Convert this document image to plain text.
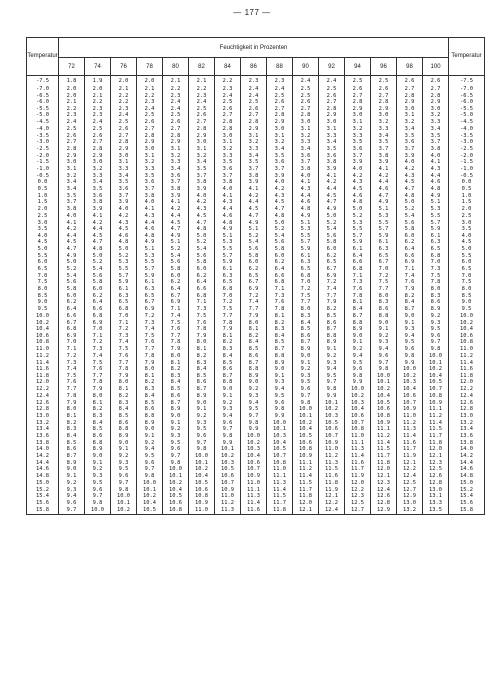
— 177 —
Temperatur	Feuchtigkeit in Prozenten															Temperatur
	72	74	76	78	80	82	84	86	88	90	92	94	96	98	100	
-7.5	1.8	1.9	2.0	2.0	2.1	2.1	2.2	2.3	2.3	2.4	2.4	2.5	2.5	2.6	2.6	-7.5
-7.0	2.0	2.0	2.1	2.1	2.2	2.2	2.3	2.4	2.4	2.5	2.5	2.6	2.6	2.7	2.7	-7.0
-6.5	2.0	2.1	2.2	2.2	2.3	2.3	2.4	2.4	2.5	2.5	2.6	2.7	2.7	2.8	2.8	-6.5
-6.0	2.1	2.2	2.2	2.3	2.4	2.4	2.5	2.5	2.6	2.6	2.7	2.8	2.8	2.9	2.9	-6.0
-5.5	2.2	2.3	2.3	2.4	2.4	2.5	2.6	2.6	2.7	2.7	2.8	2.9	2.9	3.0	3.0	-5.5
-5.0	2.3	2.3	2.4	2.5	2.5	2.6	2.7	2.7	2.8	2.8	2.9	3.0	3.0	3.1	3.2	-5.0
-4.5	2.4	2.4	2.5	2.6	2.6	2.7	2.8	2.8	2.9	3.0	3.0	3.1	3.2	3.2	3.3	-4.5
-4.0	2.5	2.5	2.6	2.7	2.7	2.8	2.8	2.9	3.0	3.1	3.1	3.2	3.3	3.4	3.4	-4.0
-3.5	2.6	2.6	2.7	2.8	2.8	2.9	3.0	3.1	3.1	3.2	3.3	3.3	3.4	3.5	3.5	-3.5
-3.0	2.7	2.7	2.8	2.9	2.9	3.0	3.1	3.2	3.2	3.3	3.4	3.5	3.5	3.6	3.7	-3.0
-2.5	2.8	2.8	2.9	3.0	3.1	3.1	3.2	3.3	3.4	3.4	3.5	3.6	3.7	3.7	3.8	-2.5
-2.0	2.9	2.9	3.0	3.1	3.2	3.2	3.3	3.4	3.5	3.6	3.6	3.7	3.8	3.9	4.0	-2.0
-1.5	3.0	3.0	3.1	3.2	3.3	3.4	3.5	3.5	3.6	3.7	3.8	3.9	3.9	4.0	4.1	-1.5
-1.0	3.1	3.2	3.3	3.3	3.4	3.5	3.6	3.7	3.7	3.8	3.9	4.0	4.1	4.2	4.3	-1.0
-0.5	3.2	3.3	3.4	3.5	3.6	3.7	3.7	3.8	3.9	4.0	4.1	4.2	4.2	4.3	4.4	-0.5
0.0	3.4	3.4	3.5	3.6	3.7	3.8	3.8	3.9	4.0	4.1	4.2	4.3	4.4	4.5	4.6	0.0
0.5	3.4	3.5	3.6	3.7	3.8	3.9	4.0	4.1	4.2	4.3	4.4	4.5	4.6	4.7	4.8	0.5
1.0	3.5	3.6	3.7	3.8	3.9	4.0	4.1	4.2	4.3	4.4	4.5	4.6	4.7	4.8	4.9	1.0
1.5	3.7	3.8	3.9	4.0	4.1	4.2	4.3	4.4	4.5	4.6	4.7	4.8	4.9	5.0	5.1	1.5
2.0	3.8	3.9	4.0	4.1	4.2	4.3	4.4	4.5	4.7	4.8	4.9	5.0	5.1	5.2	5.3	2.0
2.5	4.0	4.1	4.2	4.3	4.4	4.5	4.6	4.7	4.8	4.9	5.0	5.2	5.3	5.4	5.5	2.5
3.0	4.1	4.2	4.3	4.4	4.5	4.7	4.8	4.9	5.0	5.1	5.2	5.3	5.5	5.6	5.7	3.0
3.5	4.2	4.4	4.5	4.6	4.7	4.8	4.9	5.1	5.2	5.3	5.4	5.5	5.7	5.8	5.9	3.5
4.0	4.4	4.5	4.6	4.8	4.9	5.0	5.1	5.2	5.4	5.5	5.6	5.7	5.9	6.0	6.1	4.0
4.5	4.5	4.7	4.8	4.9	5.1	5.2	5.3	5.4	5.6	5.7	5.8	5.9	6.1	6.2	6.3	4.5
5.0	4.7	4.8	5.0	5.1	5.2	5.4	5.5	5.6	5.8	5.9	6.0	6.1	6.3	6.4	6.5	5.0
5.5	4.9	5.0	5.2	5.3	5.4	5.6	5.7	5.8	6.0	6.1	6.2	6.4	6.5	6.6	6.8	5.5
6.0	5.0	5.2	5.3	5.5	5.6	5.8	5.9	6.0	6.2	6.3	6.5	6.6	6.7	6.9	7.0	6.0
6.5	5.2	5.4	5.5	5.7	5.8	6.0	6.1	6.2	6.4	6.5	6.7	6.8	7.0	7.1	7.3	6.5
7.0	5.4	5.6	5.7	5.9	6.0	6.2	6.3	6.5	6.6	6.8	6.9	7.1	7.2	7.4	7.5	7.0
7.5	5.6	5.8	5.9	6.1	6.2	6.4	6.5	6.7	6.8	7.0	7.2	7.3	7.5	7.6	7.8	7.5
8.0	5.8	6.0	6.1	6.3	6.4	6.6	6.8	6.9	7.1	7.2	7.4	7.6	7.7	7.9	8.0	8.0
8.5	6.0	6.2	6.3	6.5	6.7	6.8	7.0	7.2	7.3	7.5	7.7	7.8	8.0	8.2	8.3	8.5
9.0	6.2	6.4	6.5	6.7	6.9	7.1	7.2	7.4	7.6	7.7	7.9	8.1	8.3	8.4	8.6	9.0
9.5	6.4	6.6	6.8	6.9	7.1	7.3	7.5	7.7	7.8	8.0	8.2	8.4	8.6	8.7	8.9	9.5
10.0	6.6	6.8	7.0	7.2	7.4	7.5	7.7	7.9	8.1	8.3	8.5	8.7	8.8	9.0	9.2	10.0
10.2	6.7	6.9	7.1	7.3	7.5	7.6	7.8	8.0	8.2	8.4	8.6	8.8	9.0	9.1	9.3	10.2
10.4	6.8	7.0	7.2	7.4	7.6	7.8	7.9	8.1	8.3	8.5	8.7	8.9	9.1	9.3	9.5	10.4
10.6	6.9	7.1	7.3	7.5	7.7	7.9	8.1	8.2	8.4	8.6	8.8	9.0	9.2	9.4	9.6	10.6
10.8	7.0	7.2	7.4	7.6	7.8	8.0	8.2	8.4	8.5	8.7	8.9	9.1	9.3	9.5	9.7	10.8
11.0	7.1	7.3	7.5	7.7	7.9	8.1	8.3	8.5	8.7	8.9	9.1	9.2	9.4	9.6	9.8	11.0
11.2	7.2	7.4	7.6	7.8	8.0	8.2	8.4	8.6	8.8	9.0	9.2	9.4	9.6	9.8	10.0	11.2
11.4	7.3	7.5	7.7	7.9	8.1	8.3	8.5	8.7	8.9	9.1	9.3	9.5	9.7	9.9	10.1	11.4
11.6	7.4	7.6	7.8	8.0	8.2	8.4	8.6	8.8	9.0	9.2	9.4	9.6	9.8	10.0	10.2	11.6
11.8	7.5	7.7	7.9	8.1	8.3	8.5	8.7	8.9	9.1	9.3	9.5	9.8	10.0	10.2	10.4	11.8
12.0	7.6	7.8	8.0	8.2	8.4	8.6	8.8	9.0	9.3	9.5	9.7	9.9	10.1	10.3	10.5	12.0
12.2	7.7	7.9	8.1	8.3	8.5	8.7	9.0	9.2	9.4	9.6	9.8	10.0	10.2	10.4	10.7	12.2
12.4	7.8	8.0	8.2	8.4	8.6	8.9	9.1	9.3	9.5	9.7	9.9	10.2	10.4	10.6	10.8	12.4
12.6	7.9	8.1	8.3	8.5	8.7	9.0	9.2	9.4	9.6	9.8	10.1	10.3	10.5	10.7	10.9	12.6
12.8	8.0	8.2	8.4	8.6	8.9	9.1	9.3	9.5	9.8	10.0	10.2	10.4	10.6	10.9	11.1	12.8
13.0	8.1	8.3	8.5	8.8	9.0	9.2	9.4	9.7	9.9	10.1	10.3	10.6	10.8	11.0	11.2	13.0
13.2	8.2	8.4	8.6	8.9	9.1	9.3	9.6	9.8	10.0	10.2	10.5	10.7	10.9	11.2	11.4	13.2
13.4	8.3	8.5	8.8	9.0	9.2	9.5	9.7	9.9	10.1	10.4	10.6	10.8	11.1	11.3	11.5	13.4
13.6	8.4	8.6	8.9	9.1	9.3	9.6	9.8	10.0	10.3	10.5	10.7	11.0	11.2	11.4	11.7	13.6
13.8	8.5	8.8	9.0	9.2	9.5	9.7	9.9	10.2	10.4	10.6	10.9	11.1	11.4	11.6	11.8	13.8
14.0	8.6	8.9	9.1	9.4	9.6	9.8	10.1	10.3	10.5	10.8	11.0	11.3	11.5	11.7	12.0	14.0
14.2	8.7	9.0	9.2	9.5	9.7	10.0	10.2	10.4	10.7	10.9	11.2	11.4	11.7	11.9	12.1	14.2
14.4	8.9	9.1	9.3	9.6	9.8	10.1	10.3	10.6	10.8	11.1	11.3	11.6	11.8	12.1	12.3	14.4
14.6	9.0	9.2	9.5	9.7	10.0	10.2	10.5	10.7	11.0	11.2	11.5	11.7	12.0	12.2	12.5	14.6
14.8	9.1	9.3	9.6	9.8	10.1	10.4	10.6	10.9	11.1	11.4	11.6	11.9	12.1	12.4	12.6	14.8
15.0	9.2	9.5	9.7	10.0	10.2	10.5	10.7	11.0	11.3	11.5	11.8	12.0	12.3	12.5	12.8	15.0
15.2	9.3	9.6	9.8	10.1	10.4	10.6	10.9	11.1	11.4	11.7	11.9	12.2	12.4	12.7	13.0	15.2
15.4	9.4	9.7	10.0	10.2	10.5	10.8	11.0	11.3	11.5	11.8	12.1	12.3	12.6	12.9	13.1	15.4
15.6	9.6	9.8	10.1	10.4	10.6	10.9	11.2	11.4	11.7	12.0	12.2	12.5	12.8	13.0	13.3	15.6
15.8	9.7	10.0	10.2	10.5	10.8	11.0	11.3	11.6	11.8	12.1	12.4	12.7	12.9	13.2	13.5	15.8
